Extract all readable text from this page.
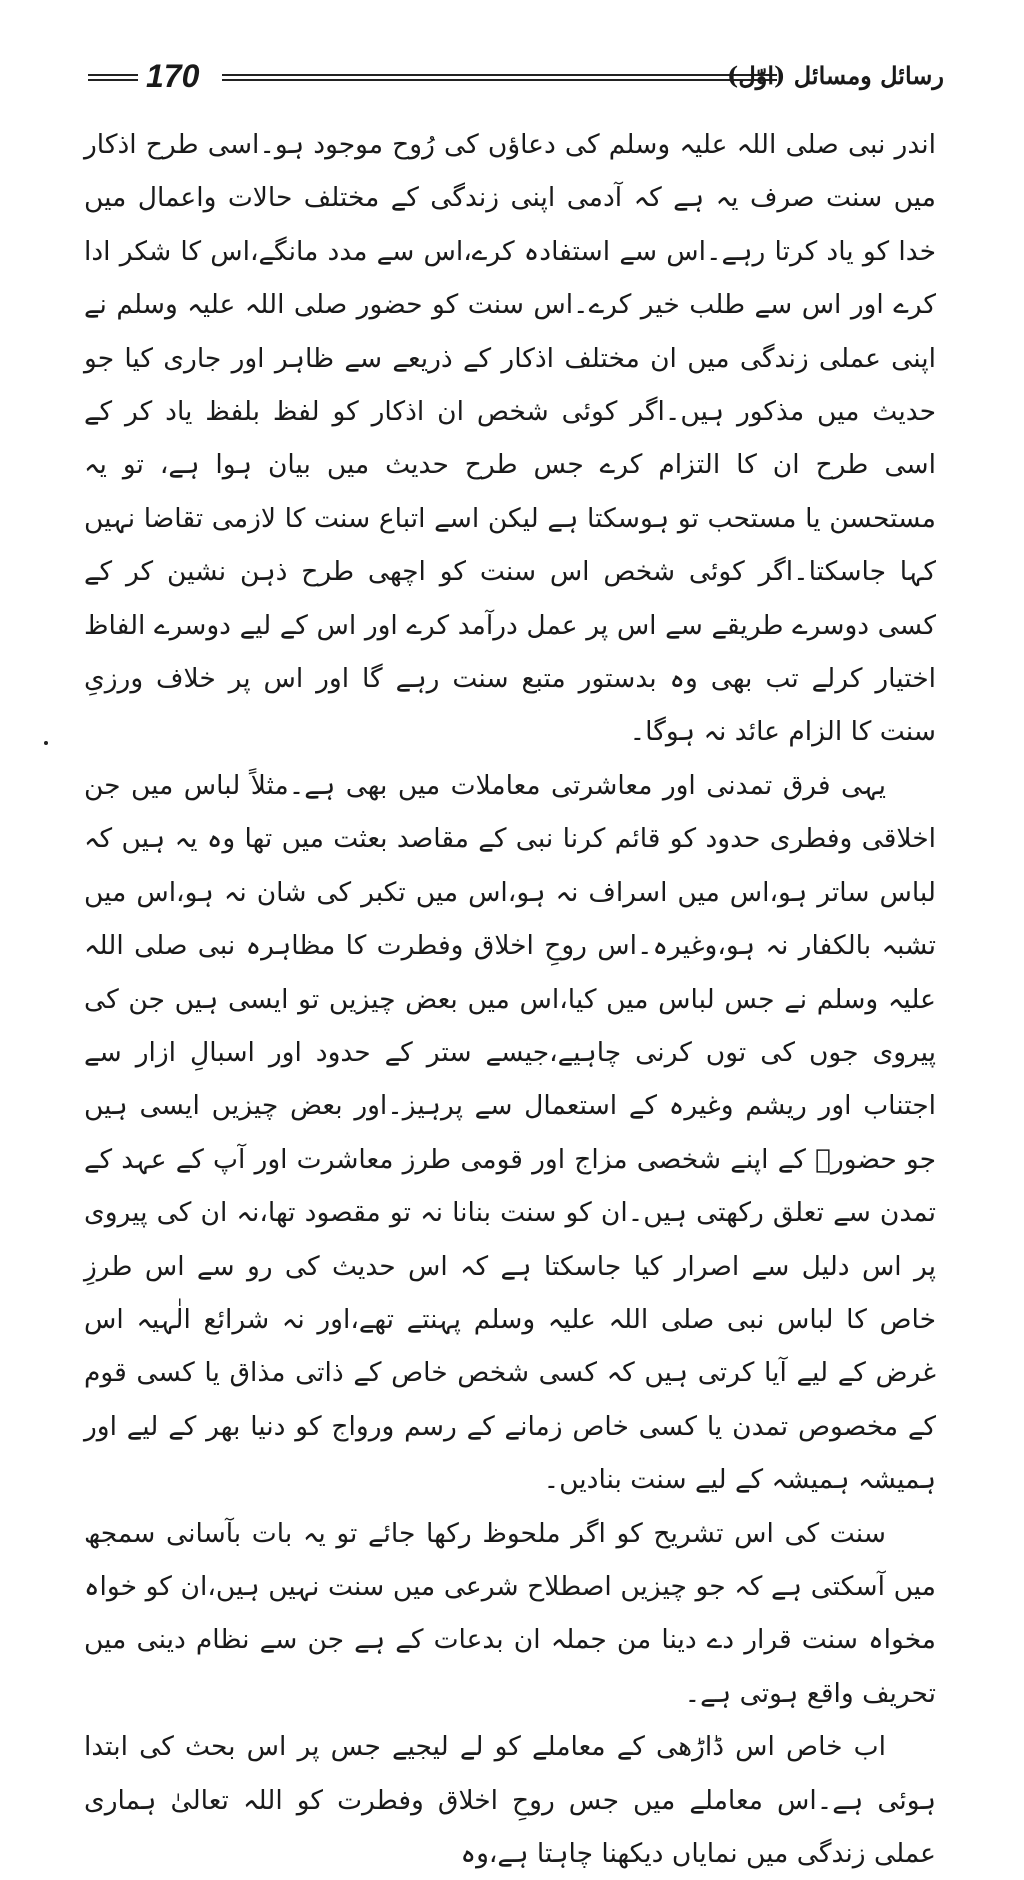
170	رسائل ومسائل (اوّل)

اندر نبی صلی اللہ علیہ وسلم کی دعاؤں کی رُوح موجود ہو۔اسی طرح اذکار میں سنت صرف یہ ہے کہ آدمی اپنی زندگی کے مختلف حالات واعمال میں خدا کو یاد کرتا رہے۔اس سے استفادہ کرے،اس سے مدد مانگے،اس کا شکر ادا کرے اور اس سے طلب خیر کرے۔اس سنت کو حضور صلی اللہ علیہ وسلم نے اپنی عملی زندگی میں ان مختلف اذکار کے ذریعے سے ظاہر اور جاری کیا جو حدیث میں مذکور ہیں۔اگر کوئی شخص ان اذکار کو لفظ بلفظ یاد کر کے اسی طرح ان کا التزام کرے جس طرح حدیث میں بیان ہوا ہے، تو یہ مستحسن یا مستحب تو ہوسکتا ہے لیکن اسے اتباع سنت کا لازمی تقاضا نہیں کہا جاسکتا۔اگر کوئی شخص اس سنت کو اچھی طرح ذہن نشین کر کے کسی دوسرے طریقے سے اس پر عمل درآمد کرے اور اس کے لیے دوسرے الفاظ اختیار کرلے تب بھی وہ بدستور متبع سنت رہے گا اور اس پر خلاف ورزیِ سنت کا الزام عائد نہ ہوگا۔

یہی فرق تمدنی اور معاشرتی معاملات میں بھی ہے۔مثلاً لباس میں جن اخلاقی وفطری حدود کو قائم کرنا نبی کے مقاصد بعثت میں تھا وہ یہ ہیں کہ لباس ساتر ہو،اس میں اسراف نہ ہو،اس میں تکبر کی شان نہ ہو،اس میں تشبہ بالکفار نہ ہو،وغیرہ۔اس روحِ اخلاق وفطرت کا مظاہرہ نبی صلی اللہ علیہ وسلم نے جس لباس میں کیا،اس میں بعض چیزیں تو ایسی ہیں جن کی پیروی جوں کی توں کرنی چاہیے،جیسے ستر کے حدود اور اسبالِ ازار سے اجتناب اور ریشم وغیرہ کے استعمال سے پرہیز۔اور بعض چیزیں ایسی ہیں جو حضورؐ کے اپنے شخصی مزاج اور قومی طرز معاشرت اور آپ کے عہد کے تمدن سے تعلق رکھتی ہیں۔ان کو سنت بنانا نہ تو مقصود تھا،نہ ان کی پیروی پر اس دلیل سے اصرار کیا جاسکتا ہے کہ اس حدیث کی رو سے اس طرزِ خاص کا لباس نبی صلی اللہ علیہ وسلم پہنتے تھے،اور نہ شرائع الٰہیہ اس غرض کے لیے آیا کرتی ہیں کہ کسی شخص خاص کے ذاتی مذاق یا کسی قوم کے مخصوص تمدن یا کسی خاص زمانے کے رسم ورواج کو دنیا بھر کے لیے اور ہمیشہ ہمیشہ کے لیے سنت بنادیں۔

سنت کی اس تشریح کو اگر ملحوظ رکھا جائے تو یہ بات بآسانی سمجھ میں آسکتی ہے کہ جو چیزیں اصطلاح شرعی میں سنت نہیں ہیں،ان کو خواہ مخواہ سنت قرار دے دینا من جملہ ان بدعات کے ہے جن سے نظام دینی میں تحریف واقع ہوتی ہے۔

اب خاص اس ڈاڑھی کے معاملے کو لے لیجیے جس پر اس بحث کی ابتدا ہوئی ہے۔اس معاملے میں جس روحِ اخلاق وفطرت کو اللہ تعالیٰ ہماری عملی زندگی میں نمایاں دیکھنا چاہتا ہے،وہ
